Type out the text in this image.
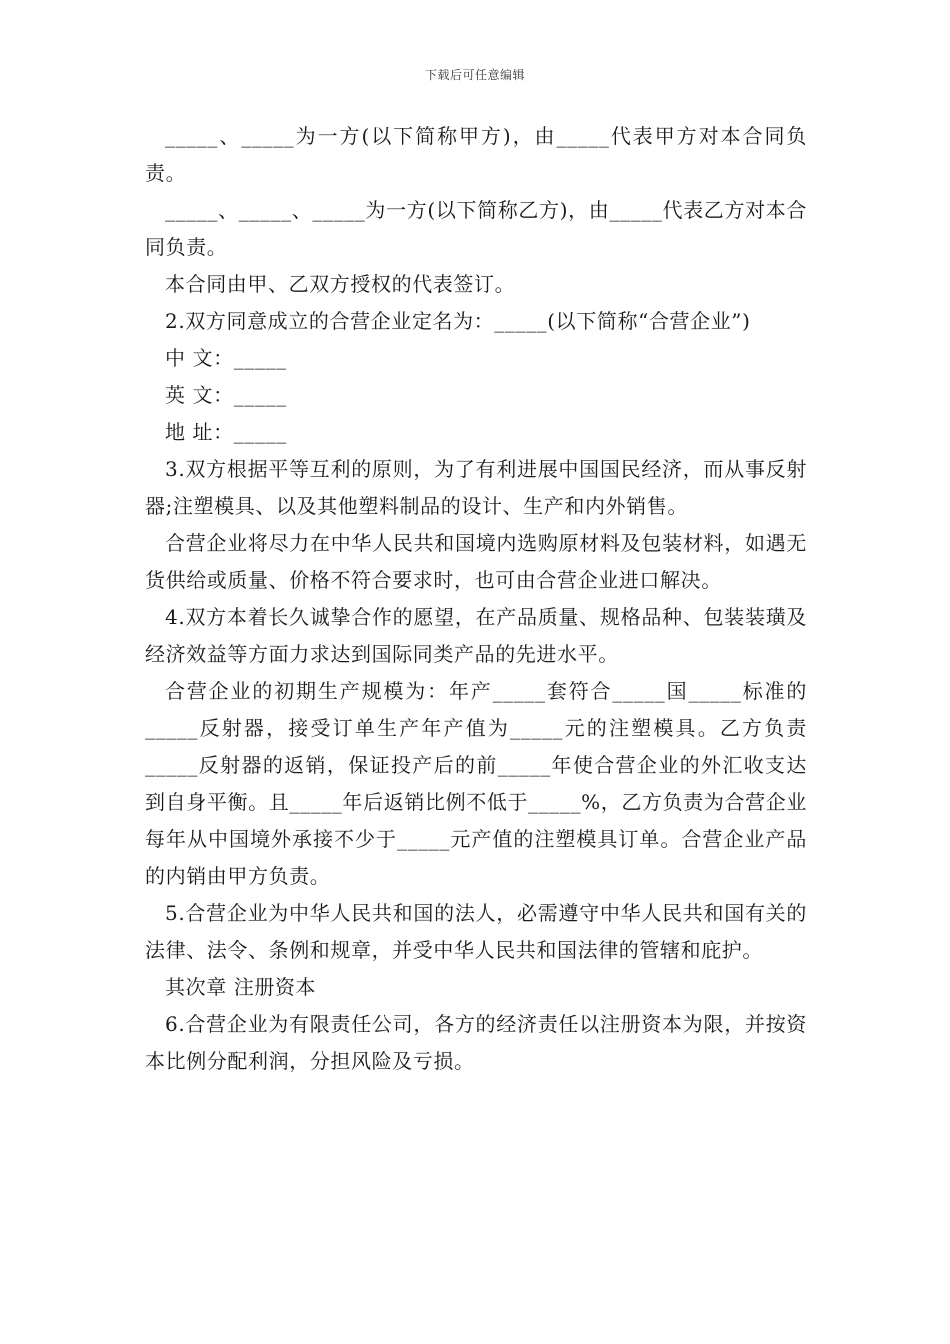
下载后可任意编辑

_____、_____为一方(以下简称甲方)，由_____代表甲方对本合同负责。

_____、_____、_____为一方(以下简称乙方)，由_____代表乙方对本合同负责。

本合同由甲、乙双方授权的代表签订。

2.双方同意成立的合营企业定名为：_____(以下简称“合营企业”)

中 文：_____

英 文：_____

地 址：_____

3.双方根据平等互利的原则，为了有利进展中国国民经济，而从事反射器;注塑模具、以及其他塑料制品的设计、生产和内外销售。

合营企业将尽力在中华人民共和国境内选购原材料及包装材料，如遇无货供给或质量、价格不符合要求时，也可由合营企业进口解决。

4.双方本着长久诚挚合作的愿望，在产品质量、规格品种、包装装璜及经济效益等方面力求达到国际同类产品的先进水平。

合营企业的初期生产规模为：年产_____套符合_____国_____标准的_____反射器，接受订单生产年产值为_____元的注塑模具。乙方负责_____反射器的返销，保证投产后的前_____年使合营企业的外汇收支达到自身平衡。且_____年后返销比例不低于_____%，乙方负责为合营企业每年从中国境外承接不少于_____元产值的注塑模具订单。合营企业产品的内销由甲方负责。

5.合营企业为中华人民共和国的法人，必需遵守中华人民共和国有关的法律、法令、条例和规章，并受中华人民共和国法律的管辖和庇护。

其次章 注册资本

6.合营企业为有限责任公司，各方的经济责任以注册资本为限，并按资本比例分配利润，分担风险及亏损。
